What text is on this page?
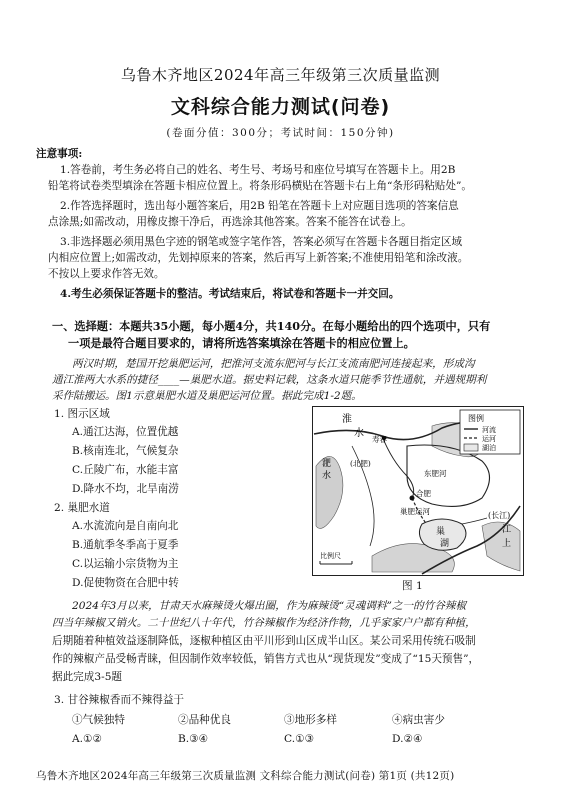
乌鲁木齐地区2024年高三年级第三次质量监测
文科综合能力测试(问卷)
(卷面分值：300分；考试时间：150分钟)
注意事项:
1.答卷前，考生务必将自己的姓名、考生号、考场号和座位号填写在答题卡上。用2B
铅笔将试卷类型填涂在答题卡相应位置上。将条形码横贴在答题卡右上角“条形码粘贴处”。
2.作答选择题时，选出每小题答案后，用2B 铅笔在答题卡上对应题目选项的答案信息
点涂黑;如需改动，用橡皮擦干净后，再选涂其他答案。答案不能答在试卷上。
3.非选择题必须用黑色字迹的钢笔或签字笔作答，答案必须写在答题卡各题目指定区域
内相应位置上;如需改动，先划掉原来的答案，然后再写上新答案;不准使用铅笔和涂改液。
不按以上要求作答无效。
4.考生必须保证答题卡的整洁。考试结束后，将试卷和答题卡一并交回。
一、选择题：本题共35小题，每小题4分，共140分。在每小题给出的四个选项中，只有
一项是最符合题目要求的，请将所选答案填涂在答题卡的相应位置上。
两汉时期，楚国开挖巢肥运河，把淮河支流东肥河与长江支流南肥河连接起来，形成沟
通江淮两大水系的捷径____—巢肥水道。据史料记载，这条水道只能季节性通航，并遇规期利
采作陆搬运。图1示意巢肥水道及巢肥运河位置。据此完成1-2题。
1. 图示区域
A.通江达海，位置优越
B.核南连北，气候复杂
C.丘陵广布，水能丰富
D.降水不均，北旱南涝
2. 巢肥水道
A.水流流向是自南向北
B.通航季冬季高于夏季
C.以运输小宗货物为主
D.促使物资在合肥中转
淮
水
图例
河流
运河
湖泊
淝
水
(北肥)
寿春
东肥河
合肥
巢肥运河
巢
湖
(长江)
江
上
比例尺
图 1
2024年3月以来，甘肃天水麻辣烫火爆出圈，作为麻辣烫“灵魂调料”之一的竹谷辣椒
四当年辣椒又销火。二十世纪八十年代，竹谷辣椒作为经济作物，几乎家家户户都有种植，
后期随着种植效益逐制降低，逐椒种植区由平川形到山区成半山区。某公司采用传统石吸制
作的辣椒产品受畅青睐，但因制作效率较低，销售方式也从“现货现发”变成了“15天预售”，
据此完成3-5题
3. 甘谷辣椒香而不辣得益于
①气候独特	②品种优良	③地形多样	④病虫害少
A.①②	B.③④	C.①③	D.②④
乌鲁木齐地区2024年高三年级第三次质量监测 文科综合能力测试(问卷) 第1页 (共12页)
